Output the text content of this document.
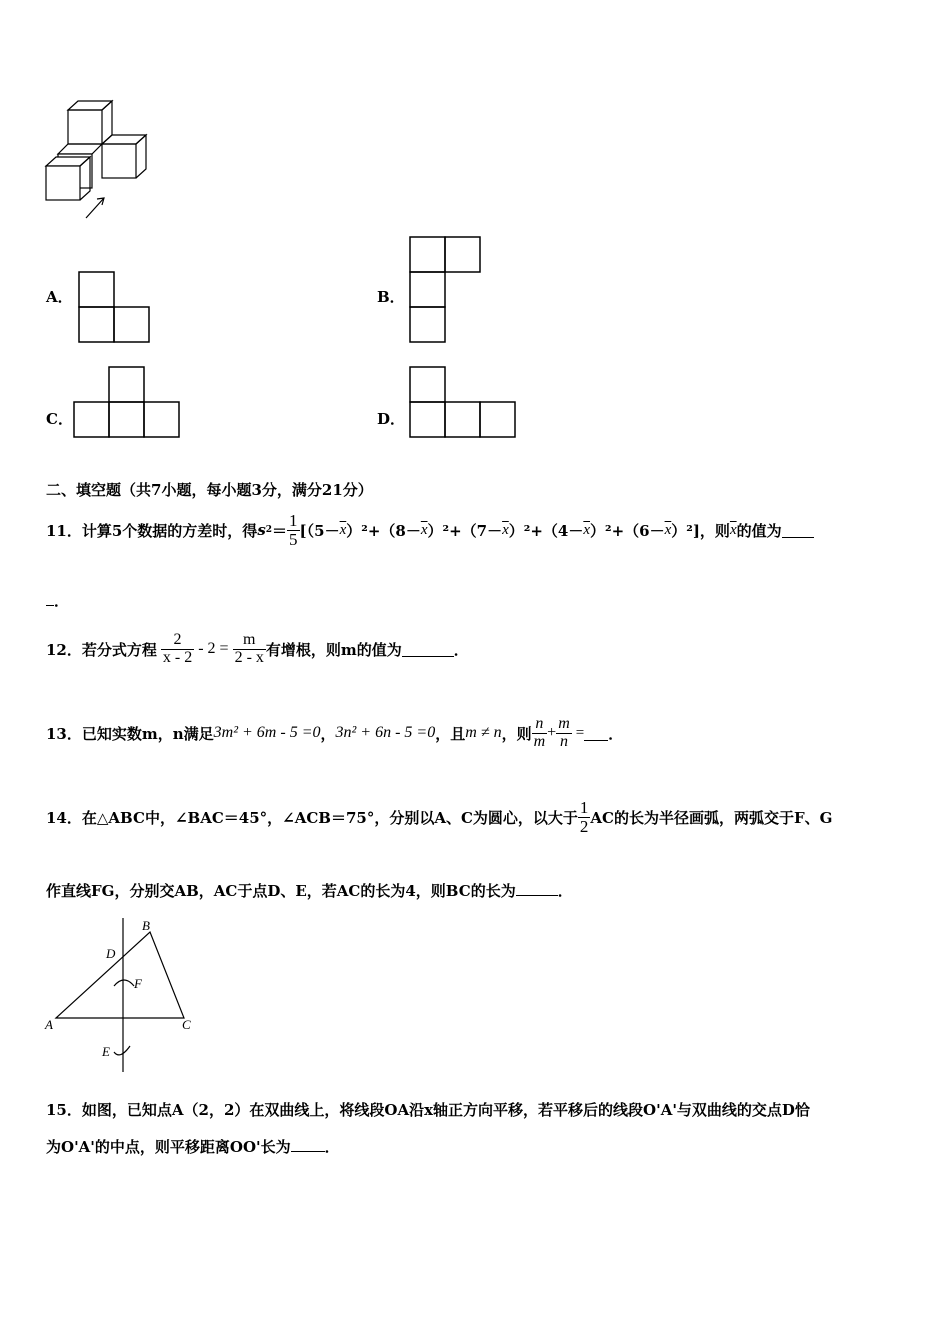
A．	B．
C．	D．
二、填空题（共7小题，每小题3分，满分21分）
11．计算5个数据的方差时，得 s $2 = \frac{1}{5} [(5- \overline{x}$ ）$^2+(8- \overline{x}$ ）$^2+(7- \overline{x}$ ）$^2+(4- \overline{x}$ ）$^2+(6- \overline{x}$ ）²]，则 $\overline{x}$ 的值为
．
12．若分式方程 $\frac{2}{x - 2} - 2 = \frac{m}{2 - x}$ 有增根，则m的值为	．
13．已知实数m，n满足 3m² + 6m - 5 =0 ， 3n² + 6n - 5 =0 ，且 m ≠ n ，则 $\frac{n}{m} + \frac{m}{n}$ = ．
14．在△ABC中，∠BAC＝45°，∠ACB＝75°，分别以A、C为圆心，以大于 $\frac{1}{2}$ AC的长为半径画弧，两弧交于F、G
作直线FG，分别交AB，AC于点D、E，若AC的长为4，则BC的长为	．
B
D
F
A	C
E
15．如图，已知点A（2，2）在双曲线上，将线段OA沿x轴正方向平移，若平移后的线段O'A'与双曲线的交点D恰
为O'A'的中点，则平移距离OO'长为 ．
